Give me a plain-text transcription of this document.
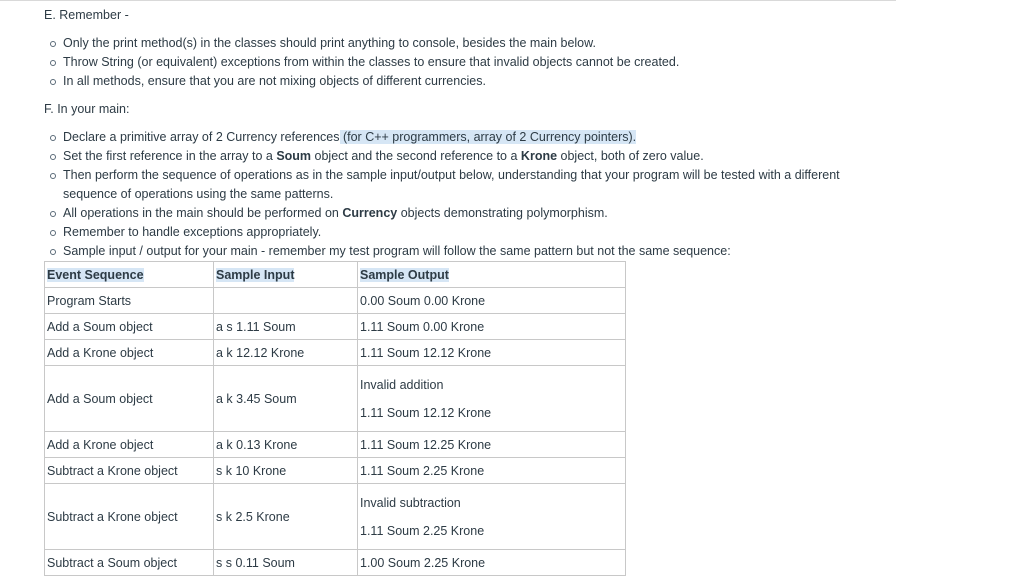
E. Remember -
Only the print method(s) in the classes should print anything to console, besides the main below.
Throw String (or equivalent) exceptions from within the classes to ensure that invalid objects cannot be created.
In all methods, ensure that you are not mixing objects of different currencies.
F. In your main:
Declare a primitive array of 2 Currency references (for C++ programmers, array of 2 Currency pointers).
Set the first reference in the array to a Soum object and the second reference to a Krone object, both of zero value.
Then perform the sequence of operations as in the sample input/output below, understanding that your program will be tested with a different sequence of operations using the same patterns.
All operations in the main should be performed on Currency objects demonstrating polymorphism.
Remember to handle exceptions appropriately.
Sample input / output for your main - remember my test program will follow the same pattern but not the same sequence:
Event Sequence	Sample Input	Sample Output
Program Starts		0.00 Soum 0.00 Krone
Add a Soum object	a s 1.11 Soum	1.11 Soum 0.00 Krone
Add a Krone object	a k 12.12 Krone	1.11 Soum 12.12 Krone
Add a Soum object	a k 3.45 Soum	Invalid addition
1.11 Soum 12.12 Krone

Add a Krone object	a k 0.13 Krone	1.11 Soum 12.25 Krone
Subtract a Krone object	s k 10 Krone	1.11 Soum 2.25 Krone
Subtract a Krone object	s k 2.5 Krone	Invalid subtraction
1.11 Soum 2.25 Krone

Subtract a Soum object	s s 0.11 Soum	1.00 Soum 2.25 Krone
